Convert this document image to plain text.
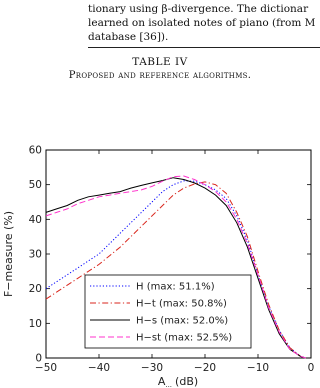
tionary using β-divergence. The dictionar
learned on isolated notes of piano (from M
database [36]).
TABLE IV
Proposed and reference algorithms.
−50	−40	−30	−20	−10	0
0
10
20
30
40
50
60
F−measure (%)
A... (dB)
H (max: 51.1%)
H−t (max: 50.8%)
H−s (max: 52.0%)
H−st (max: 52.5%)
